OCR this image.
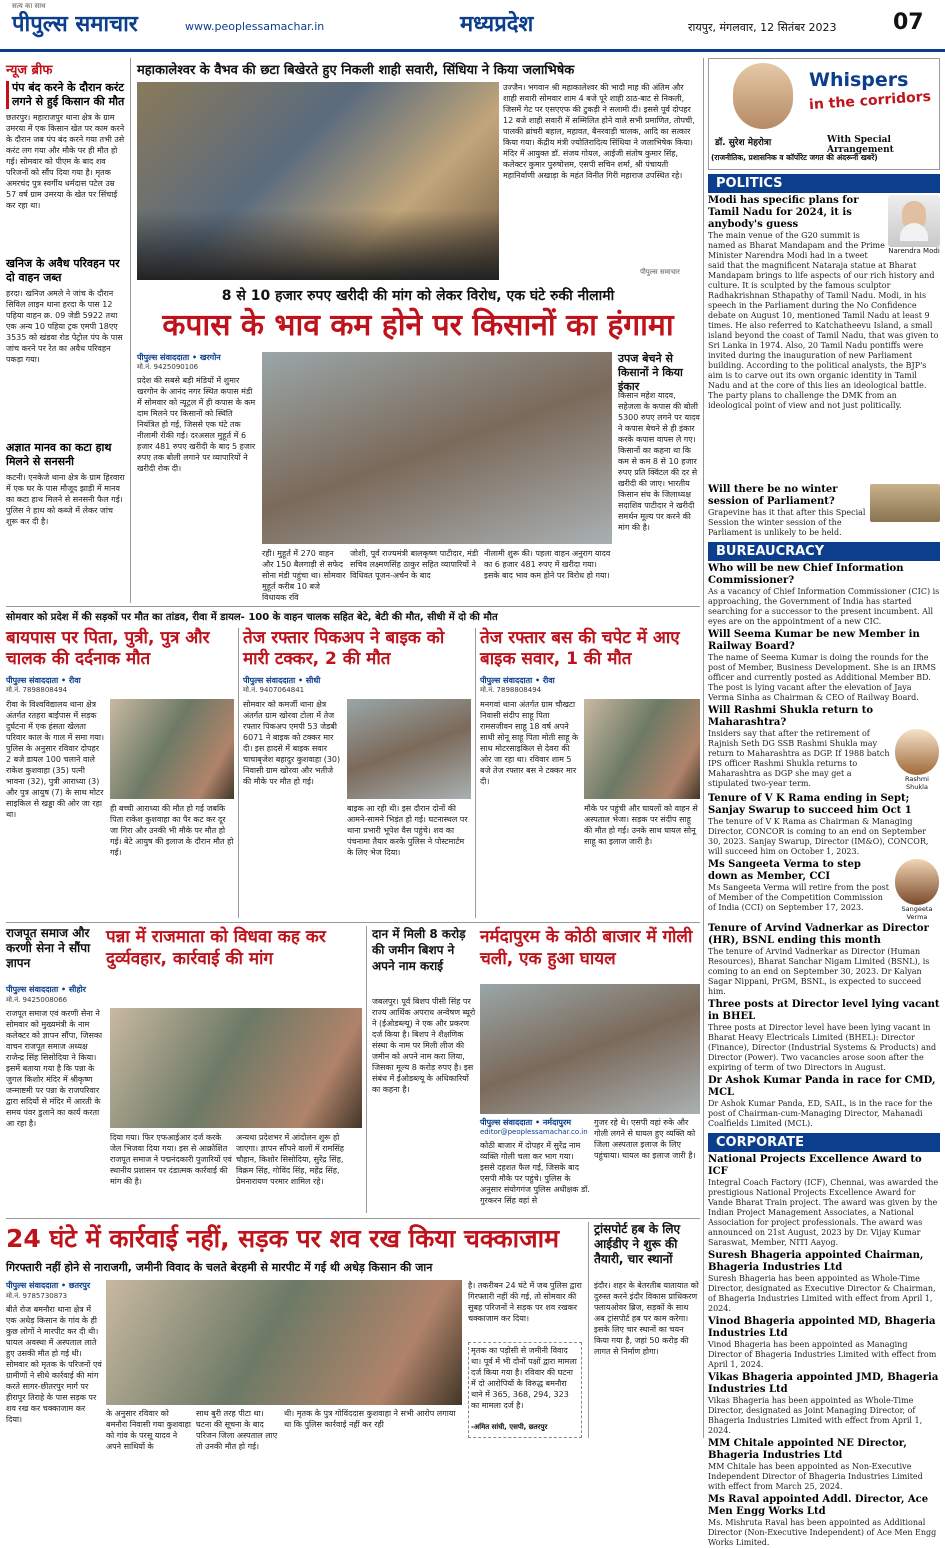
सत्य का साथ
पीपुल्स समाचार	www.peoplessamachar.in	मध्यप्रदेश	रायपुर, मंगलवार, 12 सितंबर 2023	07
न्यूज ब्रीफ
पंप बंद करने के दौरान करंट लगने से हुई किसान की मौत
छतरपुर। महाराजपुर थाना क्षेत्र के ग्राम उमरया में एक किसान खेत पर काम करने के दौरान जब पंप बंद करने गया तभी उसे करंट लग गया और मौके पर ही मौत हो गई। सोमवार को पीएम के बाद शव परिजनों को सौंप दिया गया है। मृतक अमरचंद पुत्र स्वर्गीय धर्मदास पटेल उम्र 57 वर्ष ग्राम उमरया के खेत पर सिंचाई कर रहा था।
खनिज के अवैध परिवहन पर दो वाहन जब्त
हरदा। खनिज अमले ने जांच के दौरान सिविल लाइन थाना हरदा के पास 12 पहिया वाहन क्र. 09 जेडी 5922 तथा एक अन्य 10 पहिया ट्रक एमपी 18एए 3535 को खंडवा रोड पेट्रोल पंप के पास जांच करने पर रेत का अवैध परिवहन पकड़ा गया।
अज्ञात मानव का कटा हाथ मिलने से सनसनी
कटनी। एनकेजे थाना क्षेत्र के ग्राम हिरवारा में एक घर के पास मौजूद झाड़ी में मानव का कटा हाथ मिलने से सनसनी फैल गई। पुलिस ने हाथ को कब्जे में लेकर जांच शुरू कर दी है।
महाकालेश्वर के वैभव की छटा बिखेरते हुए निकली शाही सवारी, सिंधिया ने किया जलाभिषेक
उज्जैन। भगवान श्री महाकालेश्वर की भादौ माह की अंतिम और शाही सवारी सोमवार शाम 4 बजे पूरे शाही ठाठ-बाट से निकली, जिसमें गेट पर एसएएफ की टुकड़ी ने सलामी दी। इससे पूर्व दोपहर 12 बजे शाही सवारी में सम्मिलित होने वाले सभी प्रमाणित, तोपची, पालकी ब्रांचरी बहाल, महावत, बैनरवाड़ी चालक, आदि का सत्कार किया गया। केंद्रीय मंत्री ज्योतिरादित्य सिंधिया ने जलाभिषेक किया। मंदिर में आयुक्त डॉ. संजय गोयल, आईजी संतोष कुमार सिंह, कलेक्टर कुमार पुरुषोत्तम, एसपी सचिन शर्मा, श्री पंचायती महानिर्वाणी अखाड़ा के महंत विनीत गिरी महाराज उपस्थित रहे।
पीपुल्स समाचार
8 से 10 हजार रुपए खरीदी की मांग को लेकर विरोध, एक घंटे रुकी नीलामी
कपास के भाव कम होने पर किसानों का हंगामा
पीपुल्स संवाददाता • खरगोन
मो.नं. 9425090106
प्रदेश की सबसे बड़ी मंडियों में शुमार खरगोन के आनंद नगर स्थित कपास मंडी में सोमवार को न्यूट्रल में ही कपास के कम दाम मिलने पर किसानों को स्थिति नियंत्रित हो गई, जिससे एक घंटे तक नीलामी रोकी गई। दरअसल मुहूर्त में 6 हजार 481 रुपए खरीदी के बाद 5 हजार रुपए तक बोली लगाने पर व्यापारियों ने खरीदी रोक दी।
रही। मुहूर्त में 270 वाहन और 150 बैलगाड़ी से सफेद सोना मंडी पहुंचा था। सोमवार मुहूर्त करीब 10 बजे विधायक रवि
जोशी, पूर्व राज्यमंत्री बालकृष्ण पाटीदार, मंडी सचिव लक्ष्मणसिंह ठाकुर सहित व्यापारियों ने विधिवत पूजन-अर्चन के बाद
नीलामी शुरू की। पहला वाहन अनुराग यादव का 6 हजार 481 रुपए में खरीदा गया। इसके बाद भाव कम होने पर विरोध हो गया।
उपज बेचने से किसानों ने किया इंकार
किसान महेश यादव, सहेजला के कपास की बोली 5300 रुपए लगने पर यादव ने कपास बेचने से ही इंकार करके कपास वापस ले गए। किसानों का कहना था कि कम से कम 8 से 10 हजार रुपए प्रति क्विंटल की दर से खरीदी की जाए। भारतीय किसान संघ के जिलाध्यक्ष सदाशिव पाटीदार ने खरीदी समर्थन मूल्य पर करने की मांग की है।
सोमवार को प्रदेश में की सड़कों पर मौत का तांडव, रीवा में डायल- 100 के वाहन चालक सहित बेटे, बेटी की मौत, सीधी में दो की मौत
बायपास पर पिता, पुत्री, पुत्र और चालक की दर्दनाक मौत
पीपुल्स संवाददाता • रीवा
मो.नं. 7898808494
रीवा के विश्वविद्यालय थाना क्षेत्र अंतर्गत रतहरा बाईपास में सड़क दुर्घटना में एक हंसता खेलता परिवार काल के गाल में समा गया। पुलिस के अनुसार रविवार दोपहर 2 बजे डायल 100 चलाने वाले राकेश कुशवाहा (35) पत्नी भावना (32), पुत्री आराध्या (3) और पुत्र आयुष (7) के साथ मोटर साइकिल से खड्डा की ओर जा रहा था।
ही बच्ची आराध्या की मौत हो गई जबकि पिता राकेश कुशवाहा का पैर कट कर दूर जा गिरा और उनकी भी मौके पर मौत हो गई। बेटे आयुष की इलाज के दौरान मौत हो गई।
तेज रफ्तार पिकअप ने बाइक को मारी टक्कर, 2 की मौत
पीपुल्स संवाददाता • सीधी
मो.नं. 9407064841
सोमवार को कमर्जी थाना क्षेत्र अंतर्गत ग्राम खोरवा टोला में तेज रफ्तार पिकअप एमपी 53 जेडबी 6071 ने बाइक को टक्कर मार दी। इस हादसे में बाइक सवार चाचाबृजेश बहादुर कुशवाहा (30) निवासी ग्राम खोरवा और भतीजे की मौके पर मौत हो गई।
बाइक आ रही थी। इस दौरान दोनों की आमने-सामने भिड़ंत हो गई। घटनास्थल पर थाना प्रभारी भूपेश वैस पहुंचे। शव का पंचनामा तैयार करके पुलिस ने पोस्टमार्टम के लिए भेज दिया।
तेज रफ्तार बस की चपेट में आए बाइक सवार, 1 की मौत
पीपुल्स संवाददाता • रीवा
मो.नं. 7898808494
मनगवां थाना अंतर्गत ग्राम चौखटा निवासी संदीप साहू पिता रामसजीवन साहू 18 वर्ष अपने साथी सोनू साहू पिता मोती साहू के साथ मोटरसाइकिल से देवरा की ओर जा रहा था। रविवार शाम 5 बजे तेज रफ्तार बस ने टक्कर मार दी।
मौके पर पहुंची और घायलों को वाहन से अस्पताल भेजा। सड़क पर संदीप साहू की मौत हो गई। उनके साथ घायल सोनू साहू का इलाज जारी है।
राजपूत समाज और करणी सेना ने सौंपा ज्ञापन
पीपुल्स संवाददाता • सीहोर
मो.नं. 9425008066
राजपूत समाज एवं करणी सेना ने सोमवार को मुख्यमंत्री के नाम कलेक्टर को ज्ञापन सौंपा, जिसका वाचन राजपूत समाज अध्यक्ष राजेन्द्र सिंह सिसोदिया ने किया। इसमें बताया गया है कि पन्ना के जुगल किशोर मंदिर में श्रीकृष्ण जन्माष्टमी पर पन्ना के राजपरिवार द्वारा सदियों से मंदिर में आरती के समय पंवर डुलाने का कार्य करता आ रहा है।
पन्ना में राजमाता को विधवा कह कर दुर्व्यवहार, कार्रवाई की मांग
दिया गया। फिर एफआईआर दर्ज करके जेल भिजवा दिया गया। इस से आक्रोशित राजपूत समाज ने पद्मनंदकारी पुजारियों एवं स्थानीय प्रशासन पर दंडात्मक कार्रवाई की मांग की है।
अन्यथा प्रदेशभर में आंदोलन शुरू हो जाएगा। ज्ञापन सौंपने वालों में रामसिंह चौहान, किशोर सिसोदिया, सुरेंद्र सिंह, विक्रम सिंह, गोविंद सिंह, महेंद्र सिंह, प्रेमनारायण परमार शामिल रहे।
दान में मिली 8 करोड़ की जमीन बिशप ने अपने नाम कराई
जबलपुर। पूर्व बिशप पीसी सिंह पर राज्य आर्थिक अपराध अन्वेषण ब्यूरो ने (ईओडब्ल्यू) ने एक और प्रकरण दर्ज किया है। बिशप ने शैक्षणिक संस्था के नाम पर मिली लीज की जमीन को अपने नाम करा लिया, जिसका मूल्य 8 करोड़ रुपए है। इस संबंध में ईओडब्ल्यू के अधिकारियों का कहना है।
नर्मदापुरम के कोठी बाजार में गोली चली, एक हुआ घायल
पीपुल्स संवाददाता • नर्मदापुरम
editor@peoplessamachar.co.in
कोठी बाजार में दोपहर में सुरेंद्र नाम व्यक्ति गोली चला कर भाग गया। इससे दहशत फैल गई, जिसके बाद एसपी मौके पर पहुंचे। पुलिस के अनुसार संयोगगंज पुलिस अधीक्षक डॉ. गुरकरन सिंह वहां से
गुजर रहे थे। एसपी वहां रुके और गोली लगने से घायल हुए व्यक्ति को जिला अस्पताल इलाज के लिए पहुंचाया। घायल का इलाज जारी है।
24 घंटे में कार्रवाई नहीं, सड़क पर शव रख किया चक्काजाम
गिरफ्तारी नहीं होने से नाराजगी, जमीनी विवाद के चलते बेरहमी से मारपीट में गई थी अधेड़ किसान की जान
पीपुल्स संवाददाता • छतरपुर
मो.नं. 9785730873
बीते रोज बमनौरा थाना क्षेत्र में एक अधेड़ किसान के गांव के ही कुछ लोगों ने मारपीट कर दी थी। घायल अवस्था में अस्पताल लाते हुए उसकी मौत हो गई थी। सोमवार को मृतक के परिजनों एवं ग्रामीणों ने सीधे कार्रवाई की मांग करते सागर-छीतरपुर मार्ग पर हीरापुर तिराहे के पास सड़क पर शव रख कर चक्काजाम कर दिया।
के अनुसार रविवार को बमनौरा निवासी गया कुशवाहा को गांव के परसू यादव ने अपने साथियों के
साथ बुरी तरह पीटा था। घटना की सूचना के बाद परिजन जिला अस्पताल लाए तो उनकी मौत हो गई।
थी। मृतक के पुत्र गोविंददास कुशवाहा ने सभी आरोप लगाया था कि पुलिस कार्रवाई नहीं कर रही
है। तकरीबन 24 घंटे में जब पुलिस द्वारा गिरफ्तारी नहीं की गई, तो सोमवार की सुबह परिजनों ने सड़क पर शव रखकर चक्काजाम कर दिया।
मृतक का पड़ोसी से जमीनी विवाद था। पूर्व में भी दोनों पक्षों द्वारा मामला दर्ज किया गया है। रविवार की घटना में दो आरोपियों के विरुद्ध बमनौरा थाने में 365, 368, 294, 323 का मामला दर्ज है।
-अमित सांघी, एसपी, छतरपुर
ट्रांसपोर्ट हब के लिए आईडीए ने शुरू की तैयारी, चार स्थानों
इंदौर। शहर के बेतरतीब यातायात को दुरुस्त करने इंदौर विकास प्राधिकरण फ्लायओवर ब्रिज, सड़कों के साथ अब ट्रांसपोर्ट हब पर काम करेगा। इसके लिए चार स्थानों का चयन किया गया है, जहां 50 करोड़ की लागत से निर्माण होगा।
Whispers
in the corridors
डॉ. सुरेश मेहरोत्रा	With Special Arrangement
(राजनीतिक, प्रशासनिक व कॉर्पोरेट जगत की अंदरूनी खबरें)
POLITICS
Narendra Modi
Modi has specific plans for Tamil Nadu for 2024, it is anybody's guess
The main venue of the G20 summit is named as Bharat Mandapam and the Prime Minister Narendra Modi had in a tweet said that the magnificent Nataraja statue at Bharat Mandapam brings to life aspects of our rich history and culture. It is sculpted by the famous sculptor Radhakrishnan Sthapathy of Tamil Nadu. Modi, in his speech in the Parliament during the No Confidence debate on August 10, mentioned Tamil Nadu at least 9 times. He also referred to Katchatheevu Island, a small island beyond the coast of Tamil Nadu, that was given to Sri Lanka in 1974. Also, 20 Tamil Nadu pontiffs were invited during the inauguration of new Parliament building. According to the political analysts, the BJP's aim is to carve out its own organic identity in Tamil Nadu and at the core of this lies an ideological battle. The party plans to challenge the DMK from an ideological point of view and not just politically.
Will there be no winter session of Parliament?
Grapevine has it that after this Special Session the winter session of the Parliament is unlikely to be held.
BUREAUCRACY
Who will be new Chief Information Commissioner?
As a vacancy of Chief Information Commissioner (CIC) is approaching, the Government of India has started searching for a successor to the present incumbent. All eyes are on the appointment of a new CIC.
Will Seema Kumar be new Member in Railway Board?
The name of Seema Kumar is doing the rounds for the post of Member, Business Development. She is an IRMS officer and currently posted as Additional Member BD. The post is lying vacant after the elevation of Jaya Verma Sinha as Chairman & CEO of Railway Board.
Will Rashmi Shukla return to Maharashtra?
Rashmi Shukla
Insiders say that after the retirement of Rajnish Seth DG SSB Rashmi Shukla may return to Maharashtra as DGP. If 1988 batch IPS officer Rashmi Shukla returns to Maharashtra as DGP she may get a stipulated two-year term.
Tenure of V K Rama ending in Sept; Sanjay Swarup to succeed him Oct 1
The tenure of V K Rama as Chairman & Managing Director, CONCOR is coming to an end on September 30, 2023. Sanjay Swarup, Director (IM&O), CONCOR, will succeed him on October 1, 2023.
Sangeeta Verma
Ms Sangeeta Verma to step down as Member, CCI
Ms Sangeeta Verma will retire from the post of Member of the Competition Commission of India (CCI) on September 17, 2023.
Tenure of Arvind Vadnerkar as Director (HR), BSNL ending this month
The tenure of Arvind Vadnerkar as Director (Human Resources), Bharat Sanchar Nigam Limited (BSNL), is coming to an end on September 30, 2023. Dr Kalyan Sagar Nippani, PrGM, BSNL, is expected to succeed him.
Three posts at Director level lying vacant in BHEL
Three posts at Director level have been lying vacant in Bharat Heavy Electricals Limited (BHEL): Director (Finance), Director (Industrial Systems & Products) and Director (Power). Two vacancies arose soon after the expiring of term of two Directors in August.
Dr Ashok Kumar Panda in race for CMD, MCL
Dr Ashok Kumar Panda, ED, SAIL, is in the race for the post of Chairman-cum-Managing Director, Mahanadi Coalfields Limited (MCL).
CORPORATE
National Projects Excellence Award to ICF
Integral Coach Factory (ICF), Chennai, was awarded the prestigious National Projects Excellence Award for Vande Bharat Train project. The award was given by the Indian Project Management Associates, a National Association for project professionals. The award was announced on 21st August, 2023 by Dr. Vijay Kumar Saraswat, Member, NITI Aayog.
Suresh Bhageria appointed Chairman, Bhageria Industries Ltd
Suresh Bhageria has been appointed as Whole-Time Director, designated as Executive Director & Chairman, of Bhageria Industries Limited with effect from April 1, 2024.
Vinod Bhageria appointed MD, Bhageria Industries Ltd
Vinod Bhageria has been appointed as Managing Director of Bhageria Industries Limited with effect from April 1, 2024.
Vikas Bhageria appointed JMD, Bhageria Industries Ltd
Vikas Bhageria has been appointed as Whole-Time Director, designated as Joint Managing Director, of Bhageria Industries Limited with effect from April 1, 2024.
MM Chitale appointed NE Director, Bhageria Industries Ltd
MM Chitale has been appointed as Non-Executive Independent Director of Bhageria Industries Limited with effect from March 25, 2024.
Ms Raval appointed Addl. Director, Ace Men Engg Works Ltd
Ms. Mishruta Raval has been appointed as Additional Director (Non-Executive Independent) of Ace Men Engg Works Limited.
